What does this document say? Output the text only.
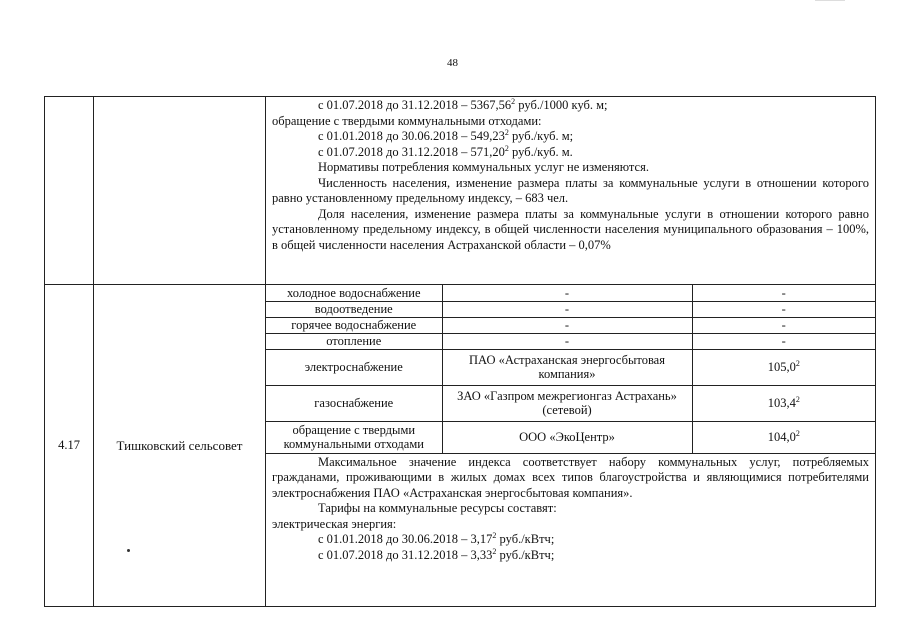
48

с 01.07.2018 до 31.12.2018 – 5367,56$^2$ руб./1000 куб. м;

обращение с твердыми коммунальными отходами:

с 01.01.2018 до 30.06.2018 – 549,23$^2$ руб./куб. м;

с 01.07.2018 до 31.12.2018 – 571,20$^2$ руб./куб. м.

Нормативы потребления коммунальных услуг не изменяются.

Численность населения, изменение размера платы за коммунальные услуги в отношении которого равно установленному предельному индексу, – 683 чел.

Доля населения, изменение размера платы за коммунальные услуги в отношении которого равно установленному предельному индексу, в общей численности населения муниципального образования – 100%, в общей численности населения Астраханской области – 0,07%

4.17	Тишковский сельсовет	
холодное водоснабжение	-	-
водоотведение	-	-
горячее водоснабжение	-	-
отопление	-	-
электроснабжение	ПАО «Астраханская энергосбытовая компания»	105,0$^2$
газоснабжение	ЗАО «Газпром межрегионгаз Астрахань» (сетевой)	103,4$^2$
обращение с твердыми коммунальными отходами	ООО «ЭкоЦентр»	104,0$^2$

Максимальное значение индекса соответствует набору коммунальных услуг, потребляемых гражданами, проживающими в жилых домах всех типов благоустройства и являющимися потребителями электроснабжения ПАО «Астраханская энергосбытовая компания».

Тарифы на коммунальные ресурсы составят:

электрическая энергия:

с 01.01.2018 до 30.06.2018 – 3,17$^2$ руб./кВтч;

с 01.07.2018 до 31.12.2018 – 3,33$^2$ руб./кВтч;
